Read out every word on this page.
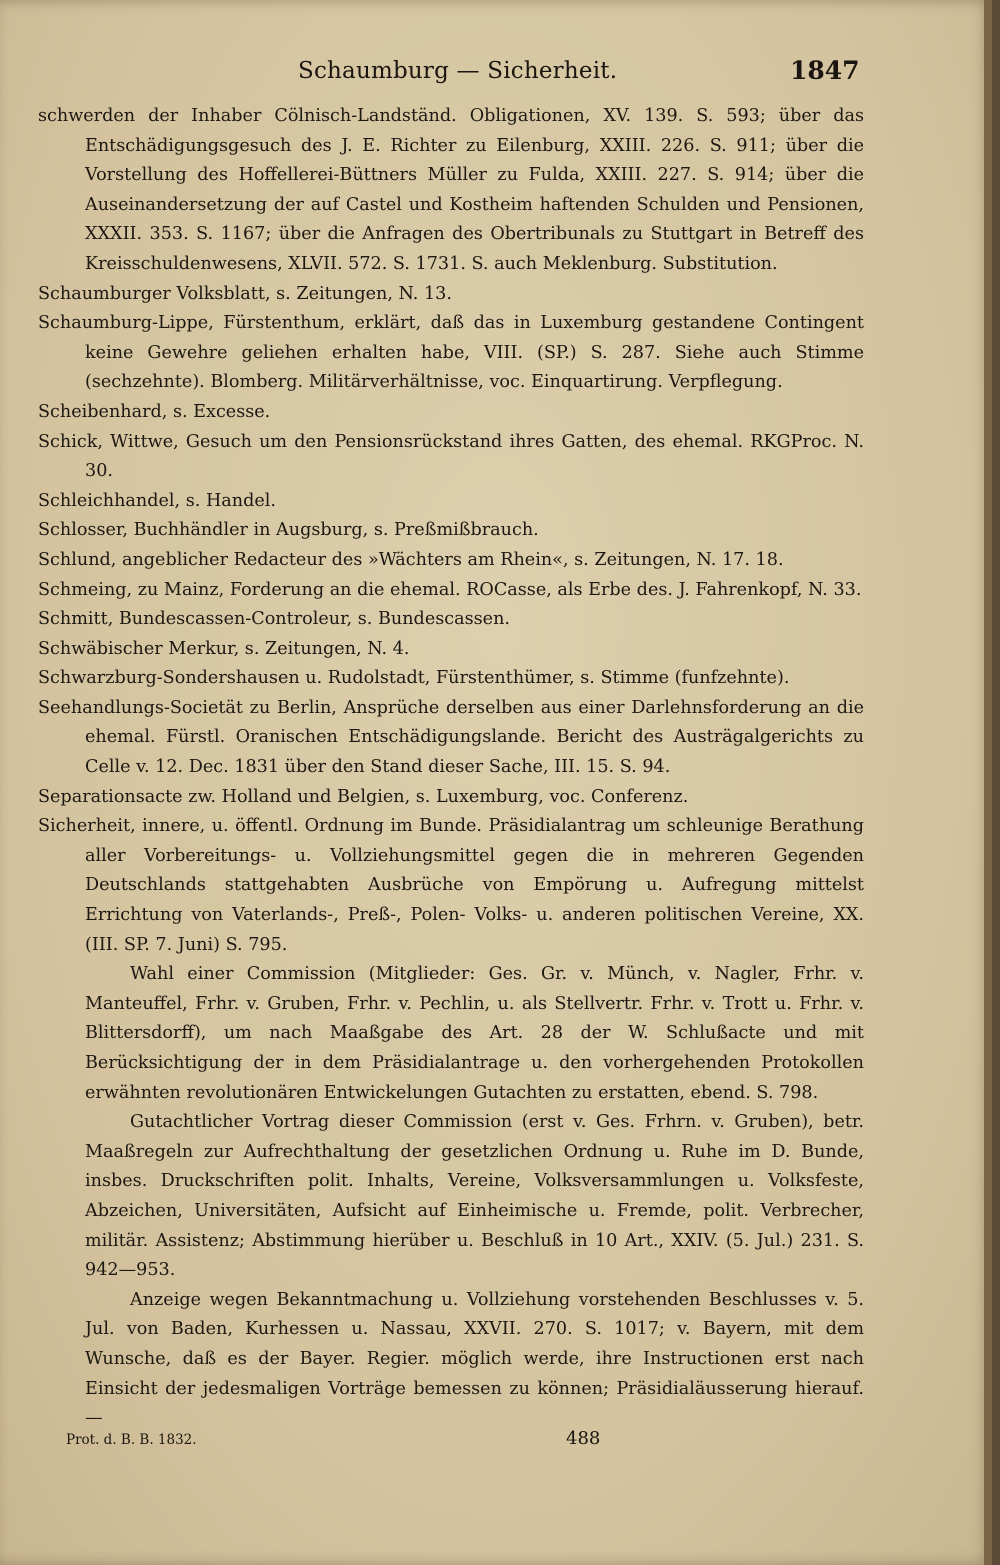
Schaumburg — Sicherheit.	1847

schwerden der Inhaber Cölnisch-Landständ. Obligationen, XV. 139. S. 593; über das Entschädigungsgesuch des J. E. Richter zu Eilenburg, XXIII. 226. S. 911; über die Vorstellung des Hoffellerei-Büttners Müller zu Fulda, XXIII. 227. S. 914; über die Auseinandersetzung der auf Castel und Kostheim haftenden Schulden und Pensionen, XXXII. 353. S. 1167; über die Anfragen des Obertribunals zu Stuttgart in Betreff des Kreisschuldenwesens, XLVII. 572. S. 1731. S. auch Meklenburg. Substitution.

Schaumburger Volksblatt, s. Zeitungen, N. 13.

Schaumburg-Lippe, Fürstenthum, erklärt, daß das in Luxemburg gestandene Contingent keine Gewehre geliehen erhalten habe, VIII. (SP.) S. 287. Siehe auch Stimme (sechzehnte). Blomberg. Militärverhältnisse, voc. Einquartirung. Verpflegung.

Scheibenhard, s. Excesse.

Schick, Wittwe, Gesuch um den Pensionsrückstand ihres Gatten, des ehemal. RKGProc. N. 30.

Schleichhandel, s. Handel.

Schlosser, Buchhändler in Augsburg, s. Preßmißbrauch.

Schlund, angeblicher Redacteur des »Wächters am Rhein«, s. Zeitungen, N. 17. 18.

Schmeing, zu Mainz, Forderung an die ehemal. ROCasse, als Erbe des. J. Fahrenkopf, N. 33.

Schmitt, Bundescassen-Controleur, s. Bundescassen.

Schwäbischer Merkur, s. Zeitungen, N. 4.

Schwarzburg-Sondershausen u. Rudolstadt, Fürstenthümer, s. Stimme (funfzehnte).

Seehandlungs-Societät zu Berlin, Ansprüche derselben aus einer Darlehnsforderung an die ehemal. Fürstl. Oranischen Entschädigungslande. Bericht des Austrägalgerichts zu Celle v. 12. Dec. 1831 über den Stand dieser Sache, III. 15. S. 94.

Separationsacte zw. Holland und Belgien, s. Luxemburg, voc. Conferenz.

Sicherheit, innere, u. öffentl. Ordnung im Bunde. Präsidialantrag um schleunige Berathung aller Vorbereitungs- u. Vollziehungsmittel gegen die in mehreren Gegenden Deutschlands stattgehabten Ausbrüche von Empörung u. Aufregung mittelst Errichtung von Vaterlands-, Preß-, Polen- Volks- u. anderen politischen Vereine, XX. (III. SP. 7. Juni) S. 795.

Wahl einer Commission (Mitglieder: Ges. Gr. v. Münch, v. Nagler, Frhr. v. Manteuffel, Frhr. v. Gruben, Frhr. v. Pechlin, u. als Stellvertr. Frhr. v. Trott u. Frhr. v. Blittersdorff), um nach Maaßgabe des Art. 28 der W. Schlußacte und mit Berücksichtigung der in dem Präsidialantrage u. den vorhergehenden Protokollen erwähnten revolutionären Entwickelungen Gutachten zu erstatten, ebend. S. 798.

Gutachtlicher Vortrag dieser Commission (erst v. Ges. Frhrn. v. Gruben), betr. Maaßregeln zur Aufrechthaltung der gesetzlichen Ordnung u. Ruhe im D. Bunde, insbes. Druckschriften polit. Inhalts, Vereine, Volksversammlungen u. Volksfeste, Abzeichen, Universitäten, Aufsicht auf Einheimische u. Fremde, polit. Verbrecher, militär. Assistenz; Abstimmung hierüber u. Beschluß in 10 Art., XXIV. (5. Jul.) 231. S. 942—953.

Anzeige wegen Bekanntmachung u. Vollziehung vorstehenden Beschlusses v. 5. Jul. von Baden, Kurhessen u. Nassau, XXVII. 270. S. 1017; v. Bayern, mit dem Wunsche, daß es der Bayer. Regier. möglich werde, ihre Instructionen erst nach Einsicht der jedesmaligen Vorträge bemessen zu können; Präsidialäusserung hierauf. —

Prot. d. B. B. 1832.	488
